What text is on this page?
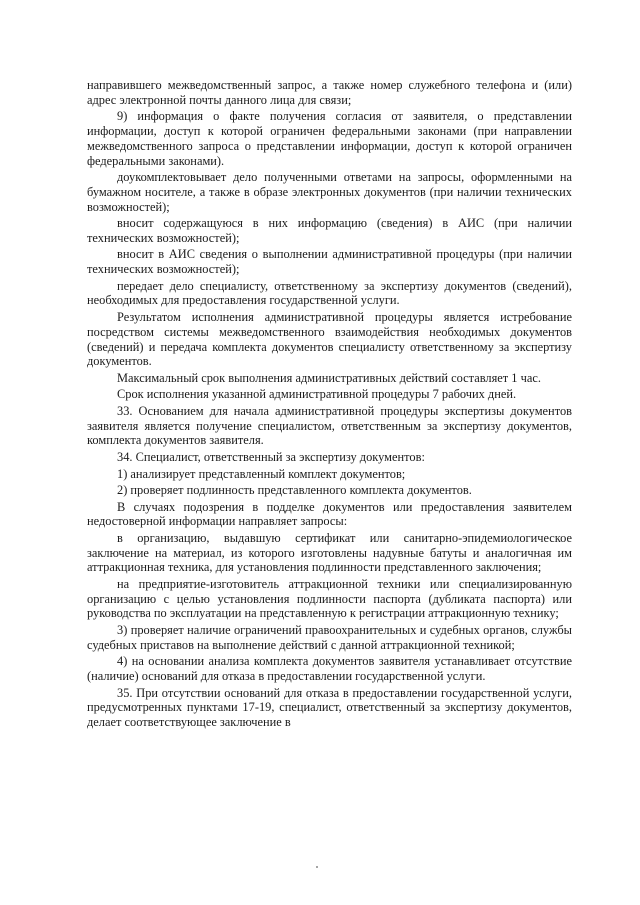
направившего межведомственный запрос, а также номер служебного телефона и (или) адрес электронной почты данного лица для связи;

9) информация о факте получения согласия от заявителя, о представлении информации, доступ к которой ограничен федеральными законами (при направлении межведомственного запроса о представлении информации, доступ к которой ограничен федеральными законами).

доукомплектовывает дело полученными ответами на запросы, оформленными на бумажном носителе, а также в образе электронных документов (при наличии технических возможностей);

вносит содержащуюся в них информацию (сведения) в АИС (при наличии технических возможностей);

вносит в АИС сведения о выполнении административной процедуры (при наличии технических возможностей);

передает дело специалисту, ответственному за экспертизу документов (сведений), необходимых для предоставления государственной услуги.

Результатом исполнения административной процедуры является истребование посредством системы межведомственного взаимодействия необходимых документов (сведений) и передача комплекта документов специалисту ответственному за экспертизу документов.

Максимальный срок выполнения административных действий составляет 1 час.

Срок исполнения указанной административной процедуры 7 рабочих дней.

33. Основанием для начала административной процедуры экспертизы документов заявителя является получение специалистом, ответственным за экспертизу документов, комплекта документов заявителя.

34. Специалист, ответственный за экспертизу документов:

1) анализирует представленный комплект документов;

2) проверяет подлинность представленного комплекта документов.

В случаях подозрения в подделке документов или предоставления заявителем недостоверной информации направляет запросы:

в организацию, выдавшую сертификат или санитарно-эпидемиологическое заключение на материал, из которого изготовлены надувные батуты и аналогичная им аттракционная техника, для установления подлинности представленного заключения;

на предприятие-изготовитель аттракционной техники или специализированную организацию с целью установления подлинности паспорта (дубликата паспорта) или руководства по эксплуатации на представленную к регистрации аттракционную технику;

3) проверяет наличие ограничений правоохранительных и судебных органов, службы судебных приставов на выполнение действий с данной аттракционной техникой;

4) на основании анализа комплекта документов заявителя устанавливает отсутствие (наличие) оснований для отказа в предоставлении государственной услуги.

35. При отсутствии оснований для отказа в предоставлении государственной услуги, предусмотренных пунктами 17-19, специалист, ответственный за экспертизу документов, делает соответствующее заключение в
